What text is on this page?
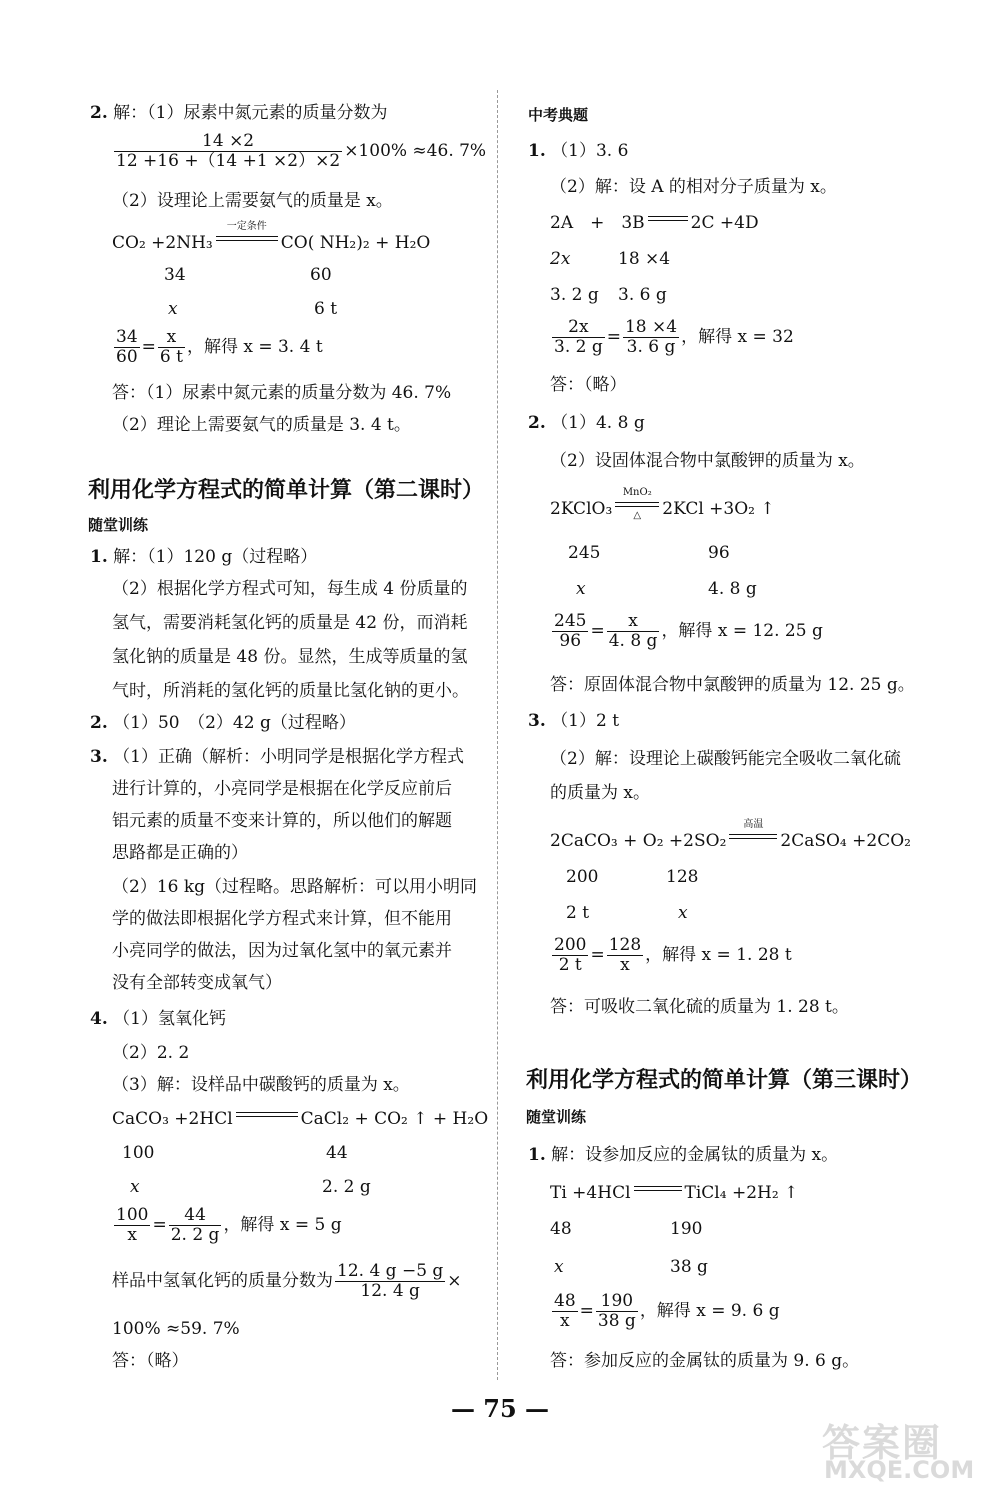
2. 解：（1）尿素中氮元素的质量分数为
$\frac{14 \times 2}{12 +16 +(14 +1 \times 2)\times 2} \times 100\% \approx 46$. 7%
（2）设理论上需要氨气的质量是 x。
CO₂ +2NH₃
一定条件
CO( NH₂)₂ + H₂O
34	60
x	6 t
$\frac{34}{60} = \frac{x}{6 t}$ ，解得 x = 3. 4 t
答：（1）尿素中氮元素的质量分数为 46. 7%
（2）理论上需要氨气的质量是 3. 4 t。
利用化学方程式的简单计算（第二课时）
随堂训练
1. 解：（1）120 g（过程略）
（2）根据化学方程式可知，每生成 4 份质量的
氢气，需要消耗氢化钙的质量是 42 份，而消耗
氢化钠的质量是 48 份。显然，生成等质量的氢
气时，所消耗的氢化钙的质量比氢化钠的更小。
2. （1）50　（2）42 g（过程略）
3. （1）正确（解析：小明同学是根据化学方程式
进行计算的，小亮同学是根据在化学反应前后
铝元素的质量不变来计算的，所以他们的解题
思路都是正确的）
（2）16 kg（过程略。思路解析：可以用小明同
学的做法即根据化学方程式来计算，但不能用
小亮同学的做法，因为过氧化氢中的氧元素并
没有全部转变成氧气）
4. （1）氢氧化钙
（2）2. 2
（3）解：设样品中碳酸钙的质量为 x。
CaCO₃ +2HCl	CaCl₂ + CO₂ ↑ + H₂O
100	44
x	2. 2 g
$\frac{100}{x} = \frac{44}{2. 2 g}$ ，解得 x = 5 g
样品中氢氧化钙的质量分数为 $\frac{12. 4 g -5 g}{12. 4 g}$ ×
100% ≈59. 7%
答：（略）
中考典题
1. （1）3. 6
（2）解：设 A 的相对分子质量为 x。
2A　+　3B	2C +4D
2x	18 ×4
3. 2 g 3. 6 g
$\frac{2x}{3. 2 g} = \frac{18 \times 4}{3. 6 g}$ ，解得 x = 32
答：（略）
2. （1）4. 8 g
（2）设固体混合物中氯酸钾的质量为 x。
2KClO₃
MnO₂
△	2KCl +3O₂ ↑
245	96
x	4. 8 g
$\frac{245}{96} = \frac{x}{4. 8 g}$ ，解得 x = 12. 25 g
答：原固体混合物中氯酸钾的质量为 12. 25 g。
3. （1）2 t
（2）解：设理论上碳酸钙能完全吸收二氧化硫
的质量为 x。
2CaCO₃ + O₂ +2SO₂
高温
2CaSO₄ +2CO₂
200	128
2 t	x
$\frac{200}{2 t} = \frac{128}{x}$ ，解得 x = 1. 28 t
答：可吸收二氧化硫的质量为 1. 28 t。
利用化学方程式的简单计算（第三课时）
随堂训练
1. 解：设参加反应的金属钛的质量为 x。
Ti +4HCl	TiCl₄ +2H₂ ↑
48	190
x	38 g
$\frac{48}{x} = \frac{190}{38 g}$ ，解得 x = 9. 6 g
答：参加反应的金属钛的质量为 9. 6 g。
— 75 —
答案圈
MXQE.COM
